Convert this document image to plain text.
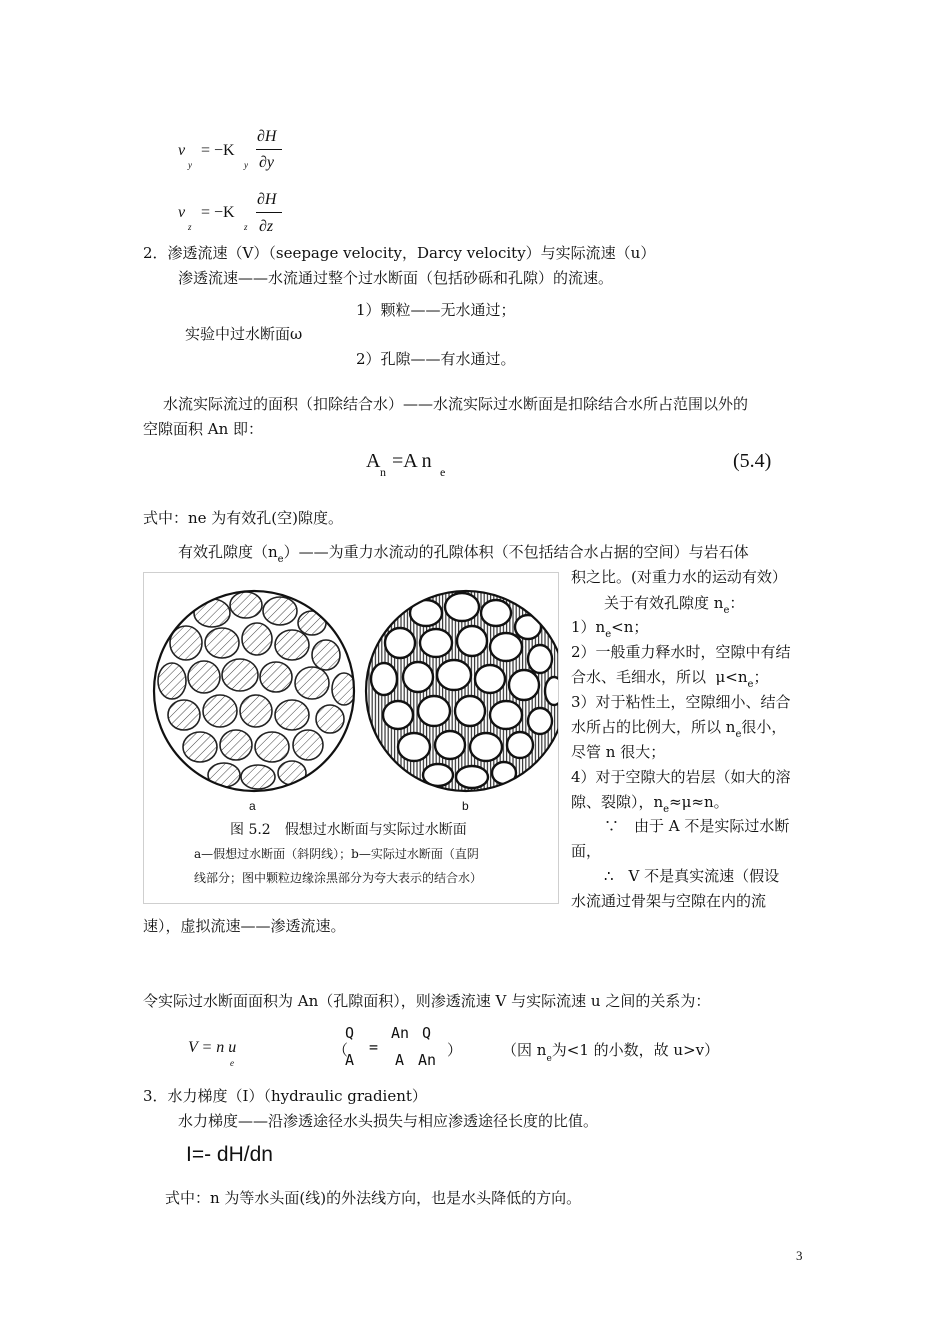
v
y
= −K
y
∂H
∂y
v
z
= −K
z
∂H
∂z
2．渗透流速（V）（seepage velocity，Darcy velocity）与实际流速（u）
渗透流速——水流通过整个过水断面（包括砂砾和孔隙）的流速。
1）颗粒——无水通过；
实验中过水断面ω
2）孔隙——有水通过。
水流实际流过的面积（扣除结合水）——水流实际过水断面是扣除结合水所占范围以外的
空隙面积 An 即：
A n =A n e	(5.4)
式中：ne 为有效孔(空)隙度。
有效孔隙度$(n_e)——$为重力水流动的孔隙体积（不包括结合水占据的空间）与岩石体
积之比。(对重力水的运动有效）
a	b
图 5.2　假想过水断面与实际过水断面
a—假想过水断面（斜阴线）；b—实际过水断面（直阴
线部分；图中颗粒边缘涂黑部分为夸大表示的结合水）
关于有效孔隙度 $n_e$：
$1)n_e<n$；
2）一般重力释水时，空隙中有结
合水、毛细水，所以  $\mu<n_e$；
3）对于粘性土，空隙细小、结合
水所占的比例大，所以 $n_e$很小，
尽管 n 很大；
4）对于空隙大的岩层（如大的溶
隙、裂隙），$n_e\approx\mu\approx n$。
∵　由于 A 不是实际过水断
面，
∴　V 不是真实流速（假设
水流通过骨架与空隙在内的流
速），虚拟流速——渗透流速。
令实际过水断面面积为 An（孔隙面积），则渗透流速 V 与实际流速 u 之间的关系为：
V = n u
e
（
Q
A
=
An
A
Q
An
）	（因 $n_e$为<1 的小数，故 u>v）
3．水力梯度（I）（hydraulic gradient）
水力梯度——沿渗透途径水头损失与相应渗透途径长度的比值。
I=- dH/dn
式中：n 为等水头面(线)的外法线方向，也是水头降低的方向。
3
